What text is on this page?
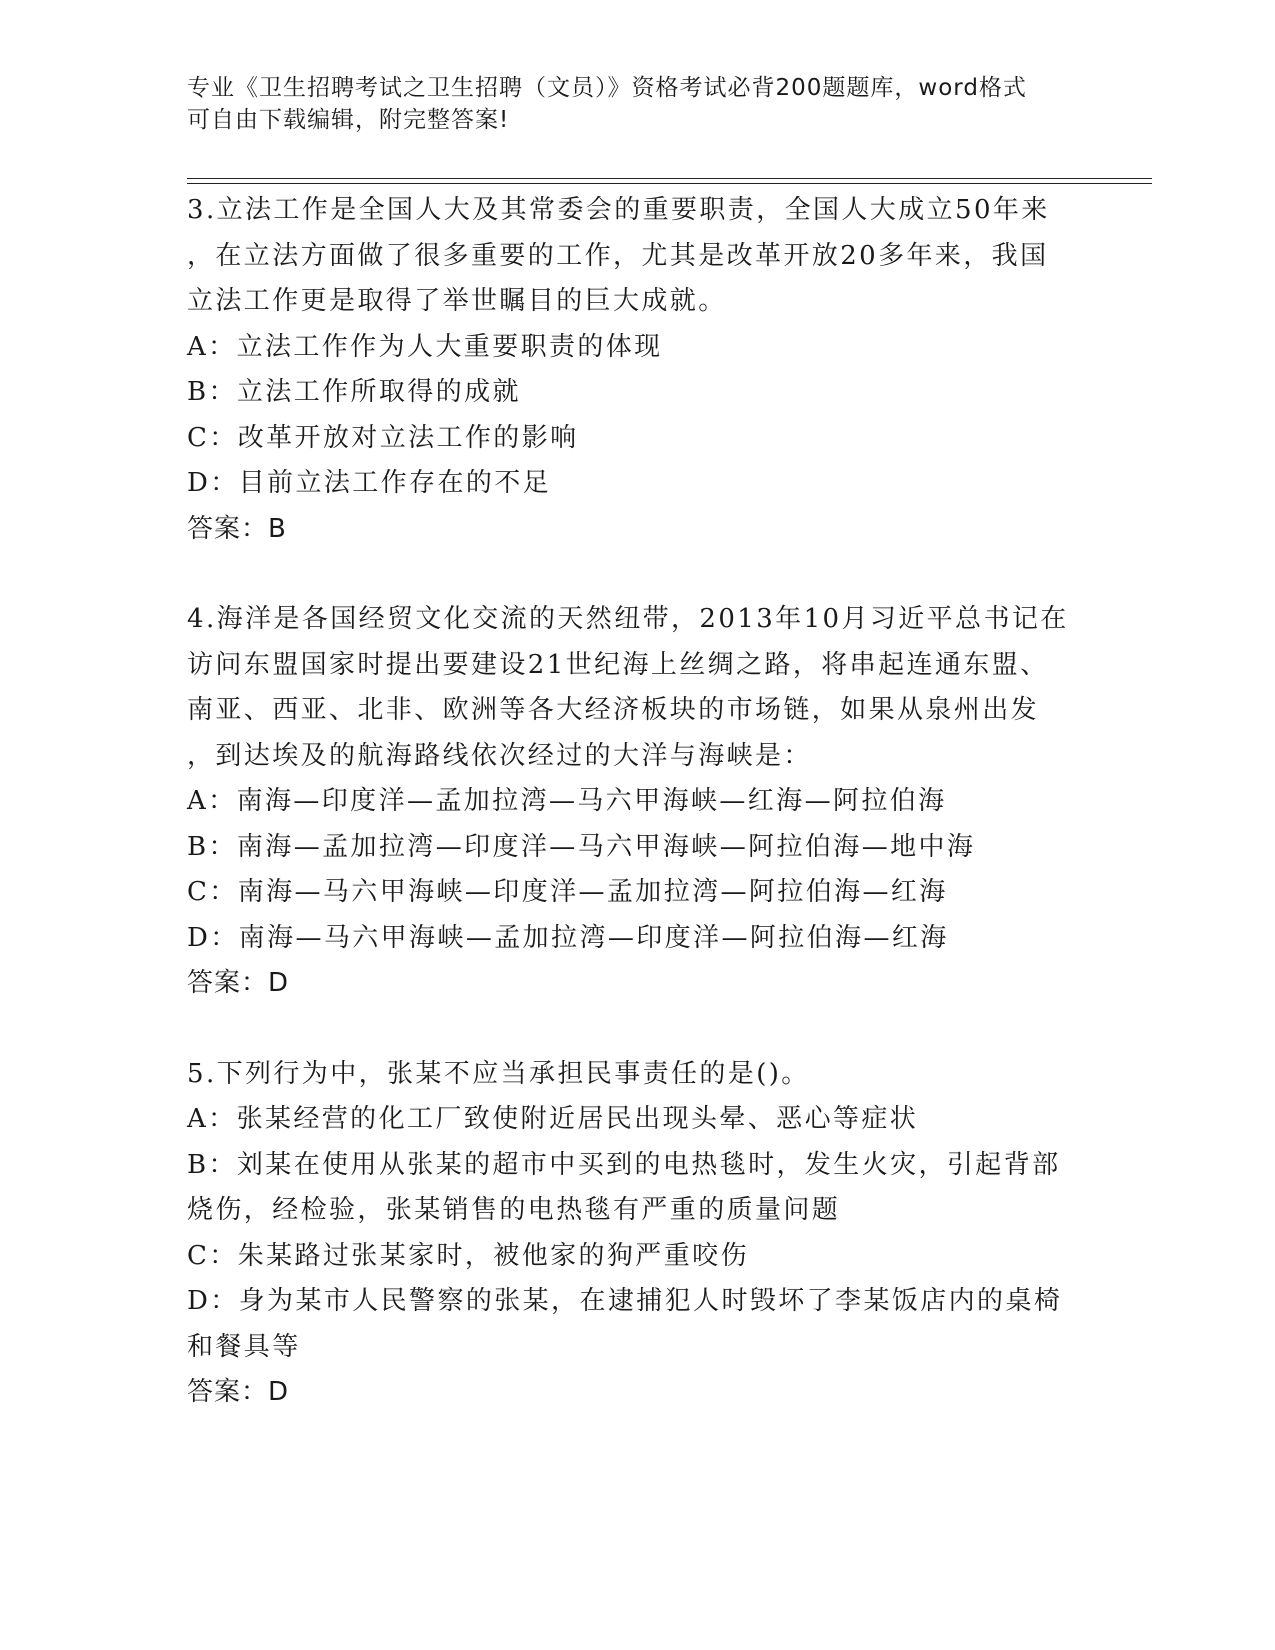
专业《卫生招聘考试之卫生招聘（文员）》资格考试必背200题题库，word格式

可自由下载编辑，附完整答案!

3.立法工作是全国人大及其常委会的重要职责，全国人大成立50年来

，在立法方面做了很多重要的工作，尤其是改革开放20多年来，我国

立法工作更是取得了举世瞩目的巨大成就。

A：立法工作作为人大重要职责的体现

B：立法工作所取得的成就

C：改革开放对立法工作的影响

D：目前立法工作存在的不足

答案：B

4.海洋是各国经贸文化交流的天然纽带，2013年10月习近平总书记在

访问东盟国家时提出要建设21世纪海上丝绸之路，将串起连通东盟、

南亚、西亚、北非、欧洲等各大经济板块的市场链，如果从泉州出发

，到达埃及的航海路线依次经过的大洋与海峡是：

A：南海—印度洋—孟加拉湾—马六甲海峡—红海—阿拉伯海

B：南海—孟加拉湾—印度洋—马六甲海峡—阿拉伯海—地中海

C：南海—马六甲海峡—印度洋—孟加拉湾—阿拉伯海—红海

D：南海—马六甲海峡—孟加拉湾—印度洋—阿拉伯海—红海

答案：D

5.下列行为中，张某不应当承担民事责任的是()。

A：张某经营的化工厂致使附近居民出现头晕、恶心等症状

B：刘某在使用从张某的超市中买到的电热毯时，发生火灾，引起背部

烧伤，经检验，张某销售的电热毯有严重的质量问题

C：朱某路过张某家时，被他家的狗严重咬伤

D：身为某市人民警察的张某，在逮捕犯人时毁坏了李某饭店内的桌椅

和餐具等

答案：D
